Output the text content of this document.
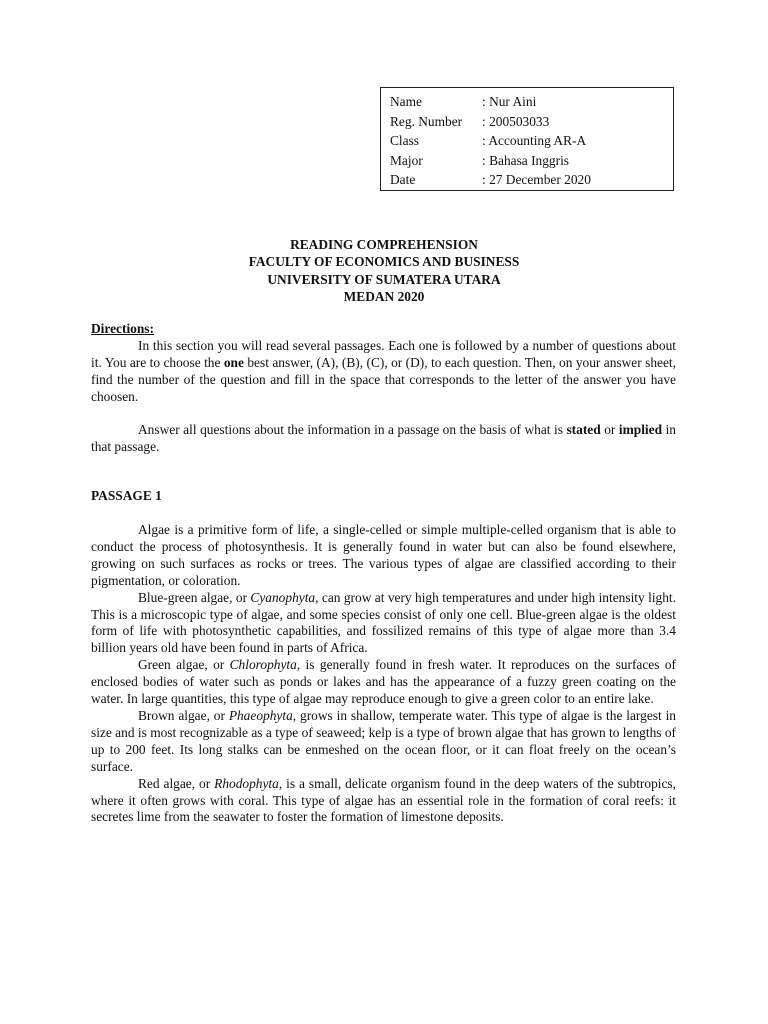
Name	: Nur Aini
Reg. Number	: 200503033
Class	: Accounting AR-A
Major	: Bahasa Inggris
Date	: 27 December 2020
READING COMPREHENSION
FACULTY OF ECONOMICS AND BUSINESS
UNIVERSITY OF SUMATERA UTARA
MEDAN 2020
Directions:

In this section you will read several passages. Each one is followed by a number of questions about it. You are to choose the one best answer, (A), (B), (C), or (D), to each question. Then, on your answer sheet, find the number of the question and fill in the space that corresponds to the letter of the answer you have choosen.

Answer all questions about the information in a passage on the basis of what is stated or implied in that passage.

PASSAGE 1

Algae is a primitive form of life, a single-celled or simple multiple-celled organism that is able to conduct the process of photosynthesis. It is generally found in water but can also be found elsewhere, growing on such surfaces as rocks or trees. The various types of algae are classified according to their pigmentation, or coloration.

Blue-green algae, or Cyanophyta, can grow at very high temperatures and under high intensity light. This is a microscopic type of algae, and some species consist of only one cell. Blue-green algae is the oldest form of life with photosynthetic capabilities, and fossilized remains of this type of algae more than 3.4 billion years old have been found in parts of Africa.

Green algae, or Chlorophyta, is generally found in fresh water. It reproduces on the surfaces of enclosed bodies of water such as ponds or lakes and has the appearance of a fuzzy green coating on the water. In large quantities, this type of algae may reproduce enough to give a green color to an entire lake.

Brown algae, or Phaeophyta, grows in shallow, temperate water. This type of algae is the largest in size and is most recognizable as a type of seaweed; kelp is a type of brown algae that has grown to lengths of up to 200 feet. Its long stalks can be enmeshed on the ocean floor, or it can float freely on the ocean’s surface.

Red algae, or Rhodophyta, is a small, delicate organism found in the deep waters of the subtropics, where it often grows with coral. This type of algae has an essential role in the formation of coral reefs: it secretes lime from the seawater to foster the formation of limestone deposits.
